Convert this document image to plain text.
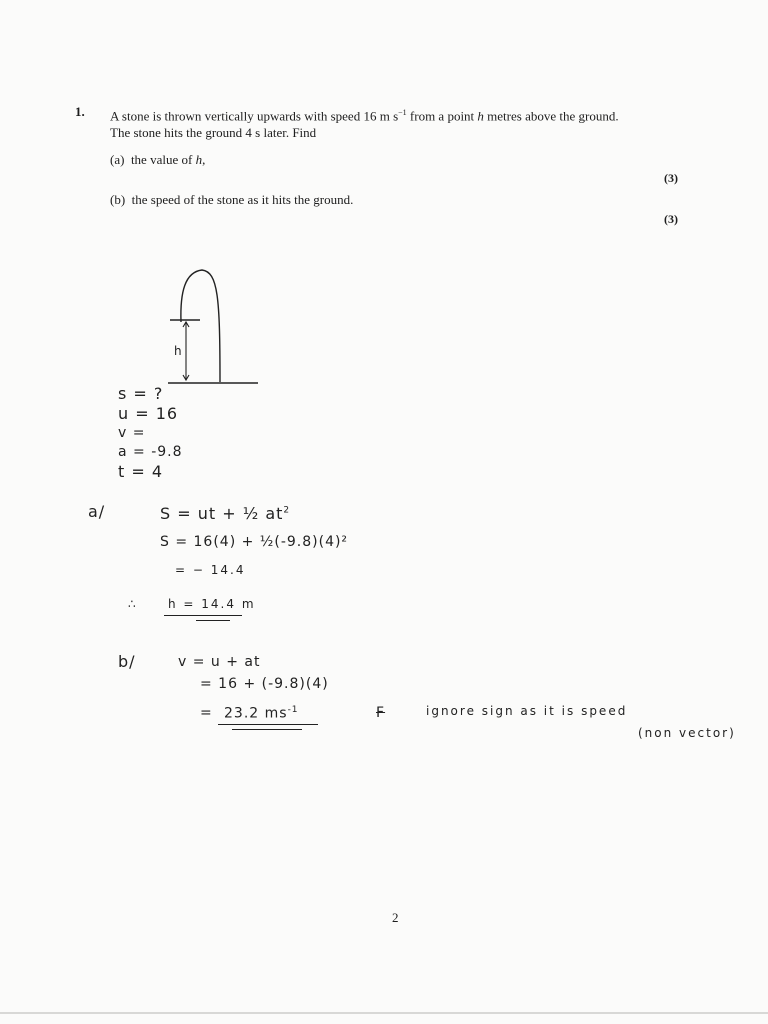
1. A stone is thrown vertically upwards with speed 16 m $s^{-1}$ from a point h metres above the ground.
The stone hits the ground 4 s later. Find
(a) the value of h,
(3)
(b) the speed of the stone as it hits the ground.
(3)
h
s = ?
u = 16
v =
a = -9.8
t = 4
a/	S = ut + ½ $at^2$
S = 16(4) + ½(-9.8)(4)²
= − 14.4
∴	h = 14.4 m
b/	v = u + at
= 16 + (-9.8)(4)
= 23.2 $ms^{-1}$	F	ignore sign as it is speed
(non vector)
2
